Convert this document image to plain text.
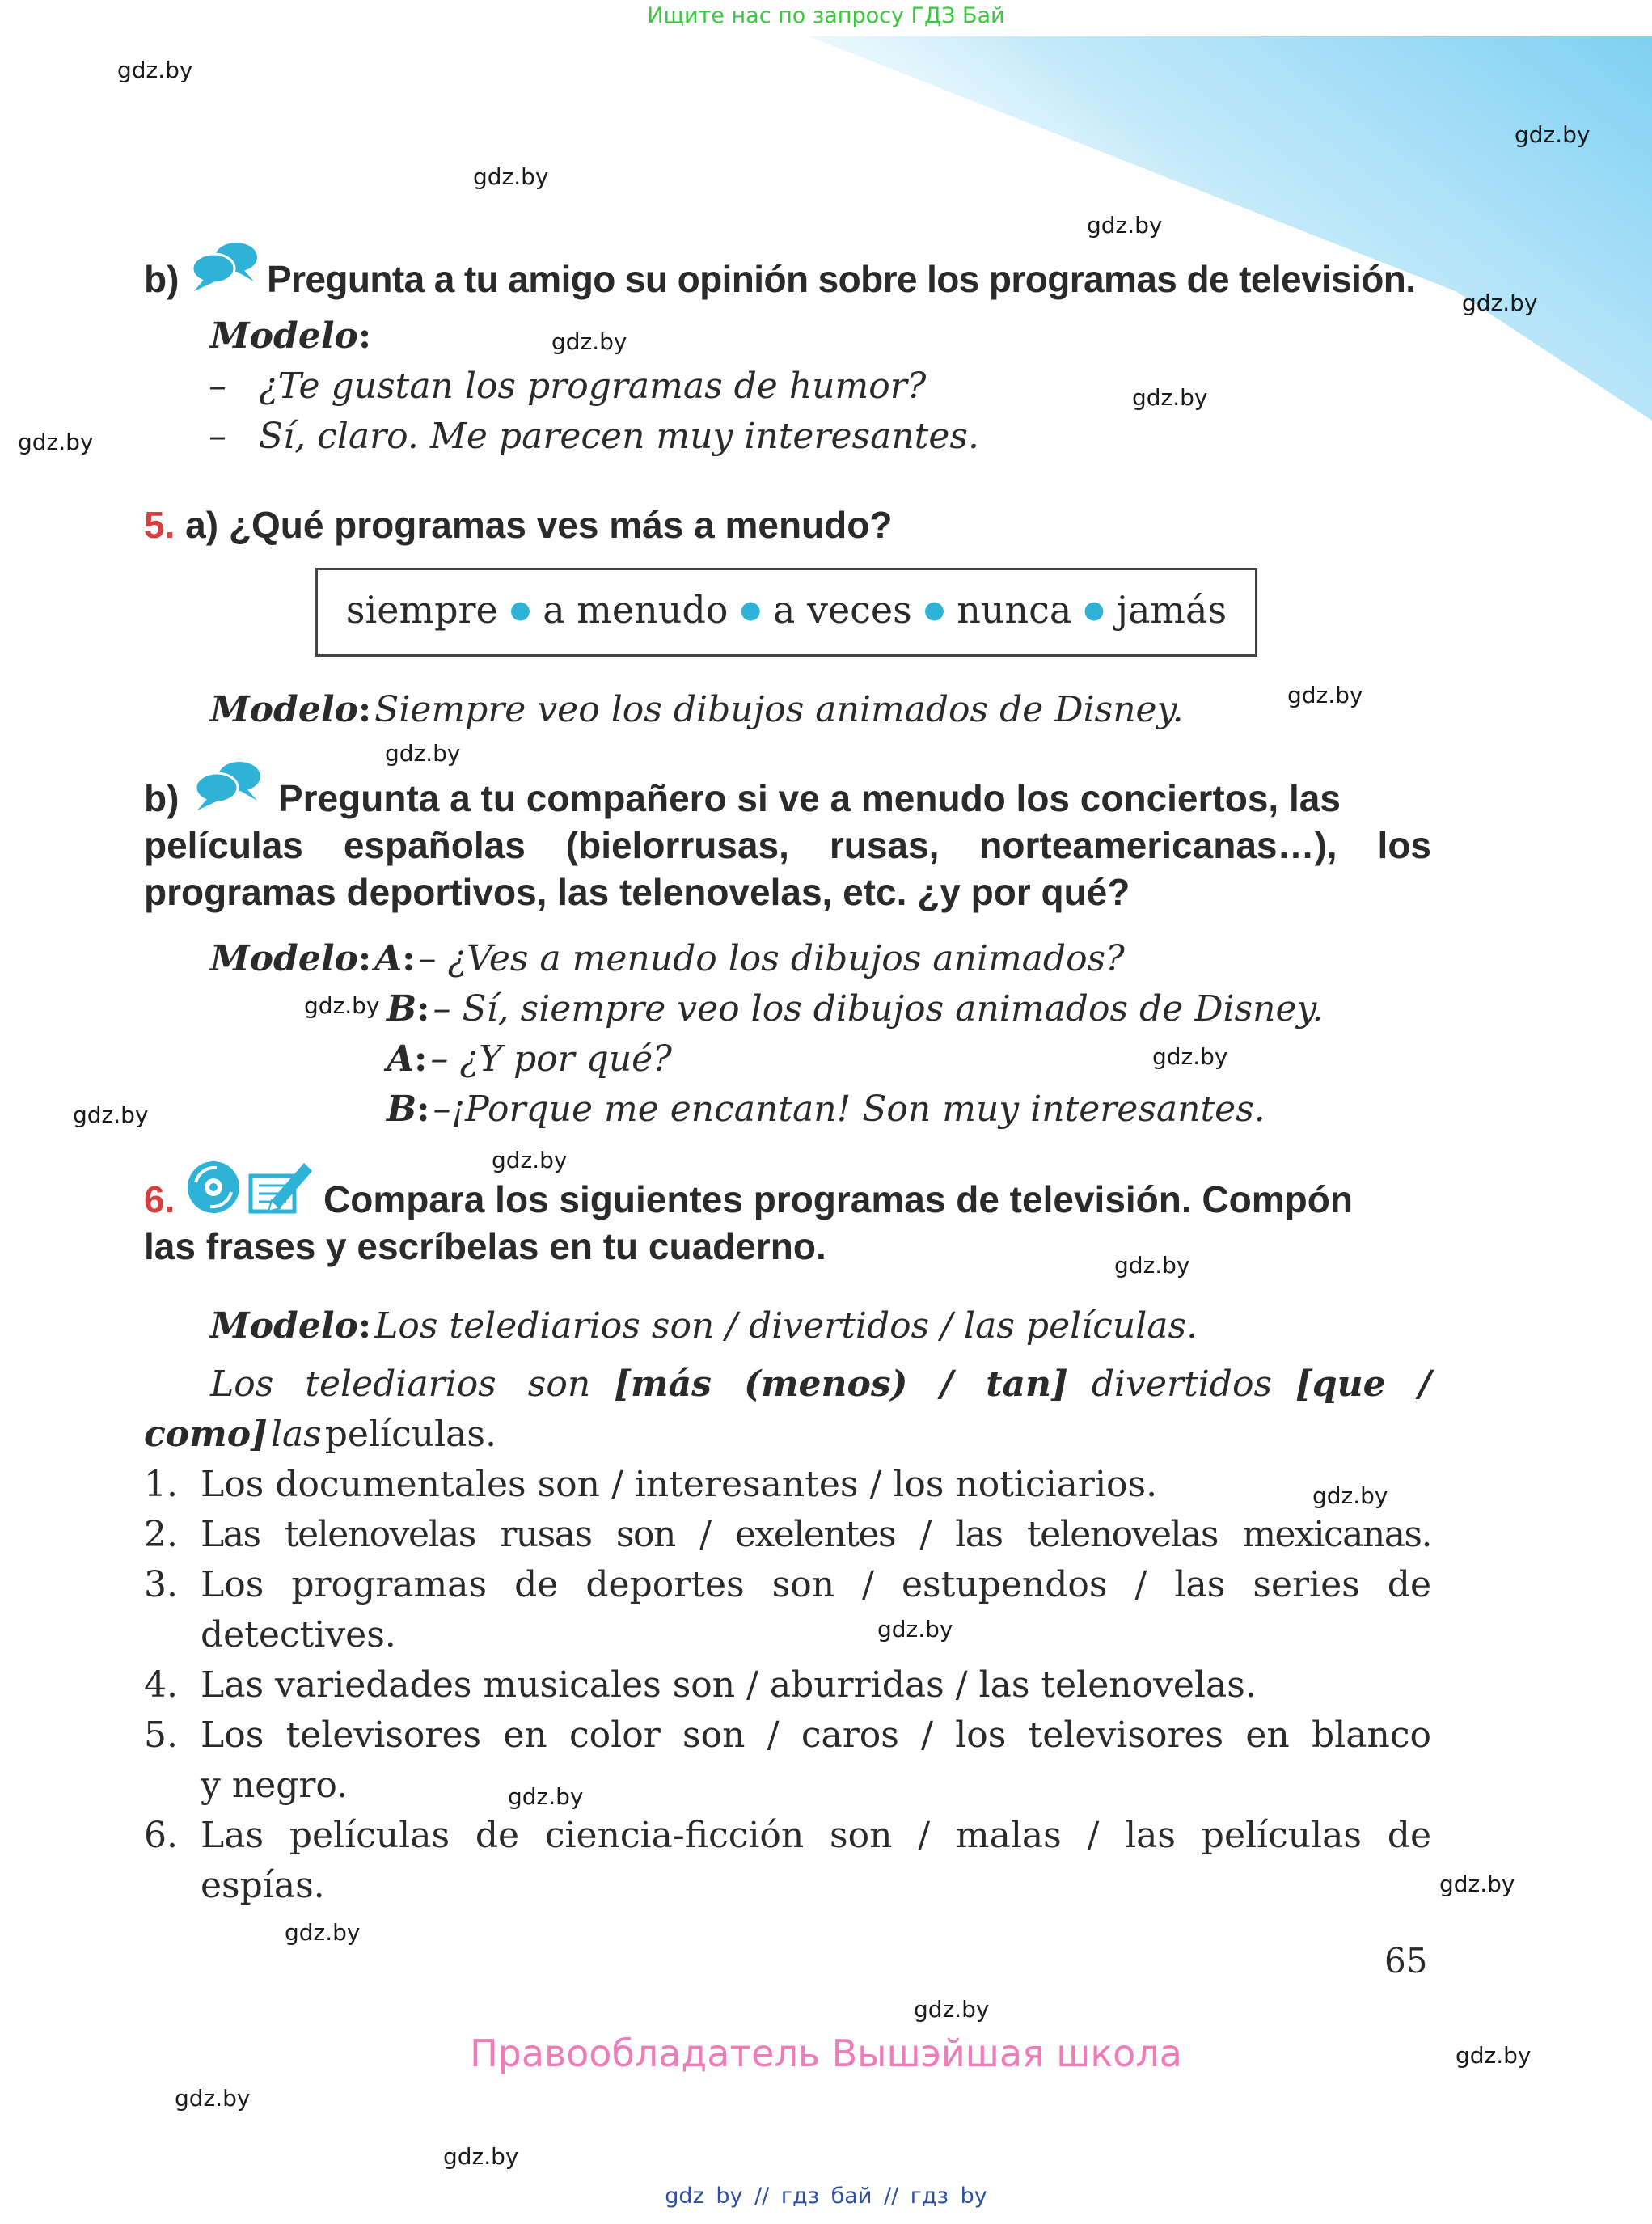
Ищите нас по запросу ГДЗ Бай
gdz.by
gdz.by
gdz.by
gdz.by
gdz.by
gdz.by
gdz.by
gdz.by
gdz.by
gdz.by
gdz.by
gdz.by
gdz.by
gdz.by
gdz.by
gdz.by
gdz.by
gdz.by
gdz.by
gdz.by
gdz.by
gdz.by
gdz.by
gdz.by
b) Pregunta a tu amigo su opinión sobre los programas de televisión.
Modelo:
– ¿Te gustan los programas de humor?
– Sí, claro. Me parecen muy interesantes.
5. a) ¿Qué programas ves más a menudo?
siempre ● a menudo ● a veces ● nunca ● jamás
Modelo: Siempre veo los dibujos animados de Disney.
b)	Pregunta a tu compañero si ve a menudo los conciertos, las
películas españolas (bielorrusas, rusas, norteamericanas…), los
programas deportivos, las telenovelas, etc. ¿y por qué?
Modelo: A: – ¿Ves a menudo los dibujos animados?
B: – Sí, siempre veo los dibujos animados de Disney.
A: – ¿Y por qué?
B: –¡Porque me encantan! Son muy interesantes.
6.	Compara los siguientes programas de televisión. Compón
las frases y escríbelas en tu cuaderno.
Modelo: Los telediarios son / divertidos / las películas.
Los telediarios son [más (menos) / tan] divertidos [que /
como] las películas.
1. Los documentales son / interesantes / los noticiarios.
2. Las telenovelas rusas son / exelentes / las telenovelas mexicanas.
3. Los programas de deportes son / estupendos / las series de
detectives.
4. Las variedades musicales son / aburridas / las telenovelas.
5. Los televisores en color son / caros / los televisores en blanco
y negro.
6. Las películas de ciencia-ficción son / malas / las películas de
espías.
65
Правообладатель Вышэйшая школа
gdz by // гдз бай // гдз by
